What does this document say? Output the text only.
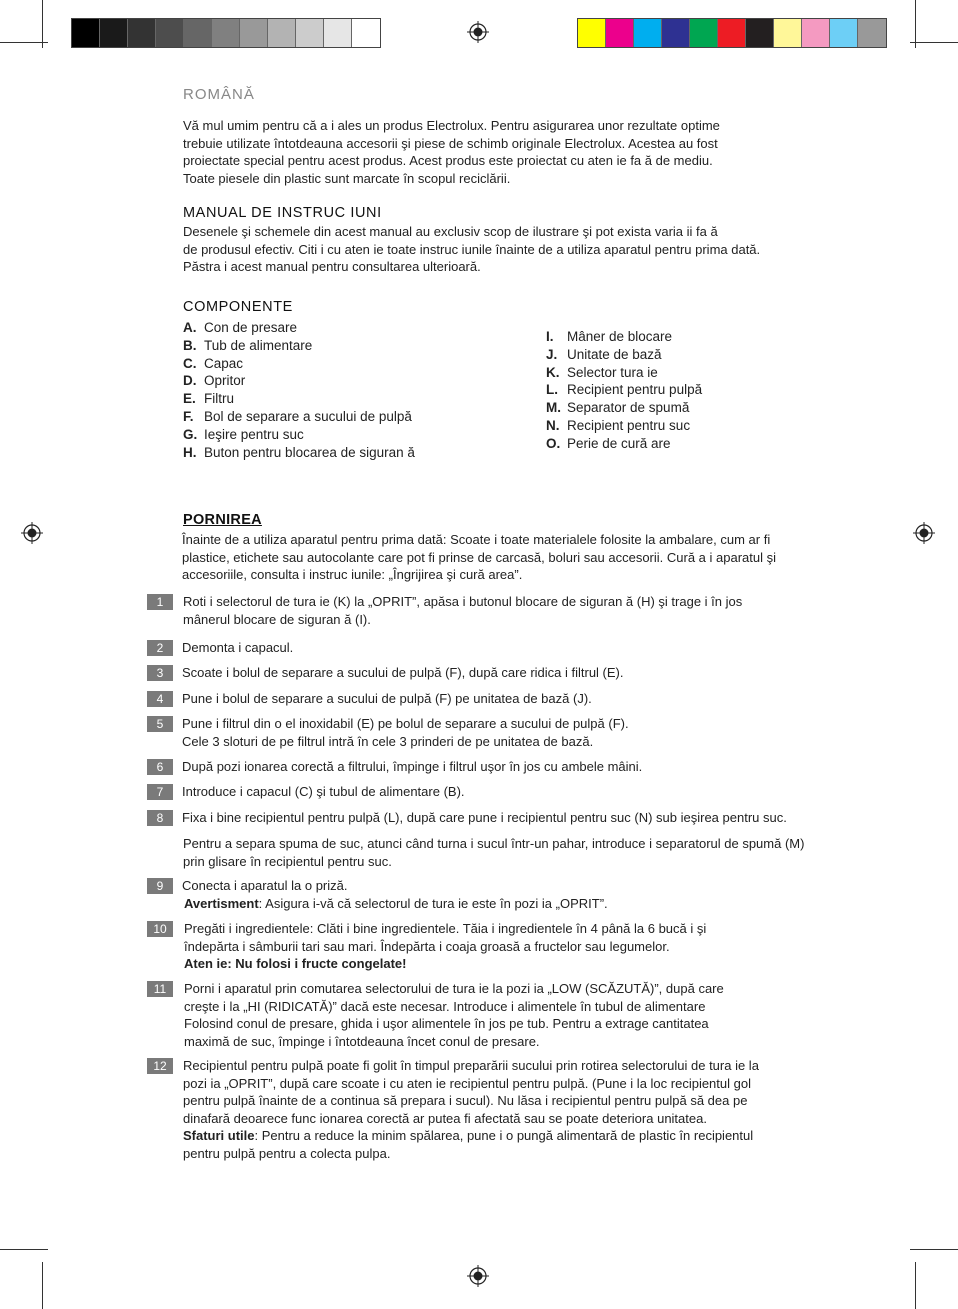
ROMÂNĂ
Vă mul umim pentru că a i ales un produs Electrolux. Pentru asigurarea unor rezultate optime
trebuie utilizate întotdeauna accesorii şi piese de schimb originale Electrolux. Acestea au fost
proiectate special pentru acest produs. Acest produs este proiectat cu aten ie fa ă de mediu.
Toate piesele din plastic sunt marcate în scopul reciclării.
MANUAL DE INSTRUC IUNI
Desenele şi schemele din acest manual au exclusiv scop de ilustrare şi pot exista varia ii fa ă
de produsul efectiv. Citi i cu aten ie toate instruc iunile înainte de a utiliza aparatul pentru prima dată.
Păstra i acest manual pentru consultarea ulterioară.
COMPONENTE
A. Con de presare
B. Tub de alimentare
C. Capac
D. Opritor
E. Filtru
F. Bol de separare a sucului de pulpă
G. Ieşire pentru suc
H. Buton pentru blocarea de siguran ă
I. Mâner de blocare
J. Unitate de bază
K. Selector tura ie
L. Recipient pentru pulpă
M. Separator de spumă
N. Recipient pentru suc
O. Perie de cură are
PORNIREA
Înainte de a utiliza aparatul pentru prima dată: Scoate i toate materialele folosite la ambalare, cum ar fi
plastice, etichete sau autocolante care pot fi prinse de carcasă, boluri sau accesorii. Cură a i aparatul şi
accesoriile, consulta i instruc iunile: „Îngrijirea şi cură area”.
1	Roti i selectorul de tura ie (K) la „OPRIT”, apăsa i butonul blocare de siguran ă (H) şi trage i în jos
mânerul blocare de siguran ă (I).
2	Demonta i capacul.
3	Scoate i bolul de separare a sucului de pulpă (F), după care ridica i filtrul (E).
4	Pune i bolul de separare a sucului de pulpă (F) pe unitatea de bază (J).
5	Pune i filtrul din o el inoxidabil (E) pe bolul de separare a sucului de pulpă (F).
Cele 3 sloturi de pe filtrul intră în cele 3 prinderi de pe unitatea de bază.
6	După pozi ionarea corectă a filtrului, împinge i filtrul uşor în jos cu ambele mâini.
7	Introduce i capacul (C) şi tubul de alimentare (B).
8	Fixa i bine recipientul pentru pulpă (L), după care pune i recipientul pentru suc (N) sub ieşirea pentru suc.
Pentru a separa spuma de suc, atunci când turna i sucul într-un pahar, introduce i separatorul de spumă (M)
prin glisare în recipientul pentru suc.
9	Conecta i aparatul la o priză.
Avertisment: Asigura i-vă că selectorul de tura ie este în pozi ia „OPRIT”.
10	Pregăti i ingredientele: Clăti i bine ingredientele. Tăia i ingredientele în 4 până la 6 bucă i şi
îndepărta i sâmburii tari sau mari. Îndepărta i coaja groasă a fructelor sau legumelor.
Aten ie: Nu folosi i fructe congelate!
11	Porni i aparatul prin comutarea selectorului de tura ie la pozi ia „LOW (SCĂZUTĂ)”, după care
creşte i la „HI (RIDICATĂ)” dacă este necesar. Introduce i alimentele în tubul de alimentare
Folosind conul de presare, ghida i uşor alimentele în jos pe tub. Pentru a extrage cantitatea
maximă de suc, împinge i întotdeauna încet conul de presare.
12	Recipientul pentru pulpă poate fi golit în timpul preparării sucului prin rotirea selectorului de tura ie la
pozi ia „OPRIT”, după care scoate i cu aten ie recipientul pentru pulpă. (Pune i la loc recipientul gol
pentru pulpă înainte de a continua să prepara i sucul). Nu lăsa i recipientul pentru pulpă să dea pe
dinafară deoarece func ionarea corectă ar putea fi afectată sau se poate deteriora unitatea.
Sfaturi utile: Pentru a reduce la minim spălarea, pune i o pungă alimentară de plastic în recipientul
pentru pulpă pentru a colecta pulpa.
